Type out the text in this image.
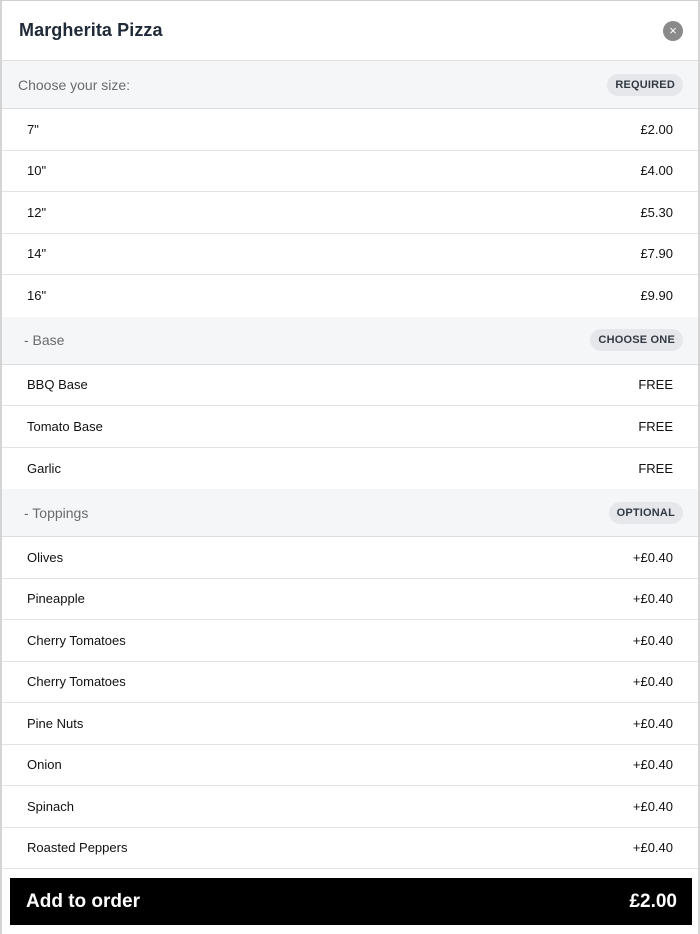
Margherita Pizza	×
Choose your size:	REQUIRED
7"	£2.00
10"	£4.00
12"	£5.30
14"	£7.90
16"	£9.90
- Base	CHOOSE ONE
BBQ Base	FREE
Tomato Base	FREE
Garlic	FREE
- Toppings	OPTIONAL
Olives	+£0.40
Pineapple	+£0.40
Cherry Tomatoes	+£0.40
Cherry Tomatoes	+£0.40
Pine Nuts	+£0.40
Onion	+£0.40
Spinach	+£0.40
Roasted Peppers	+£0.40
Add to order	£2.00
